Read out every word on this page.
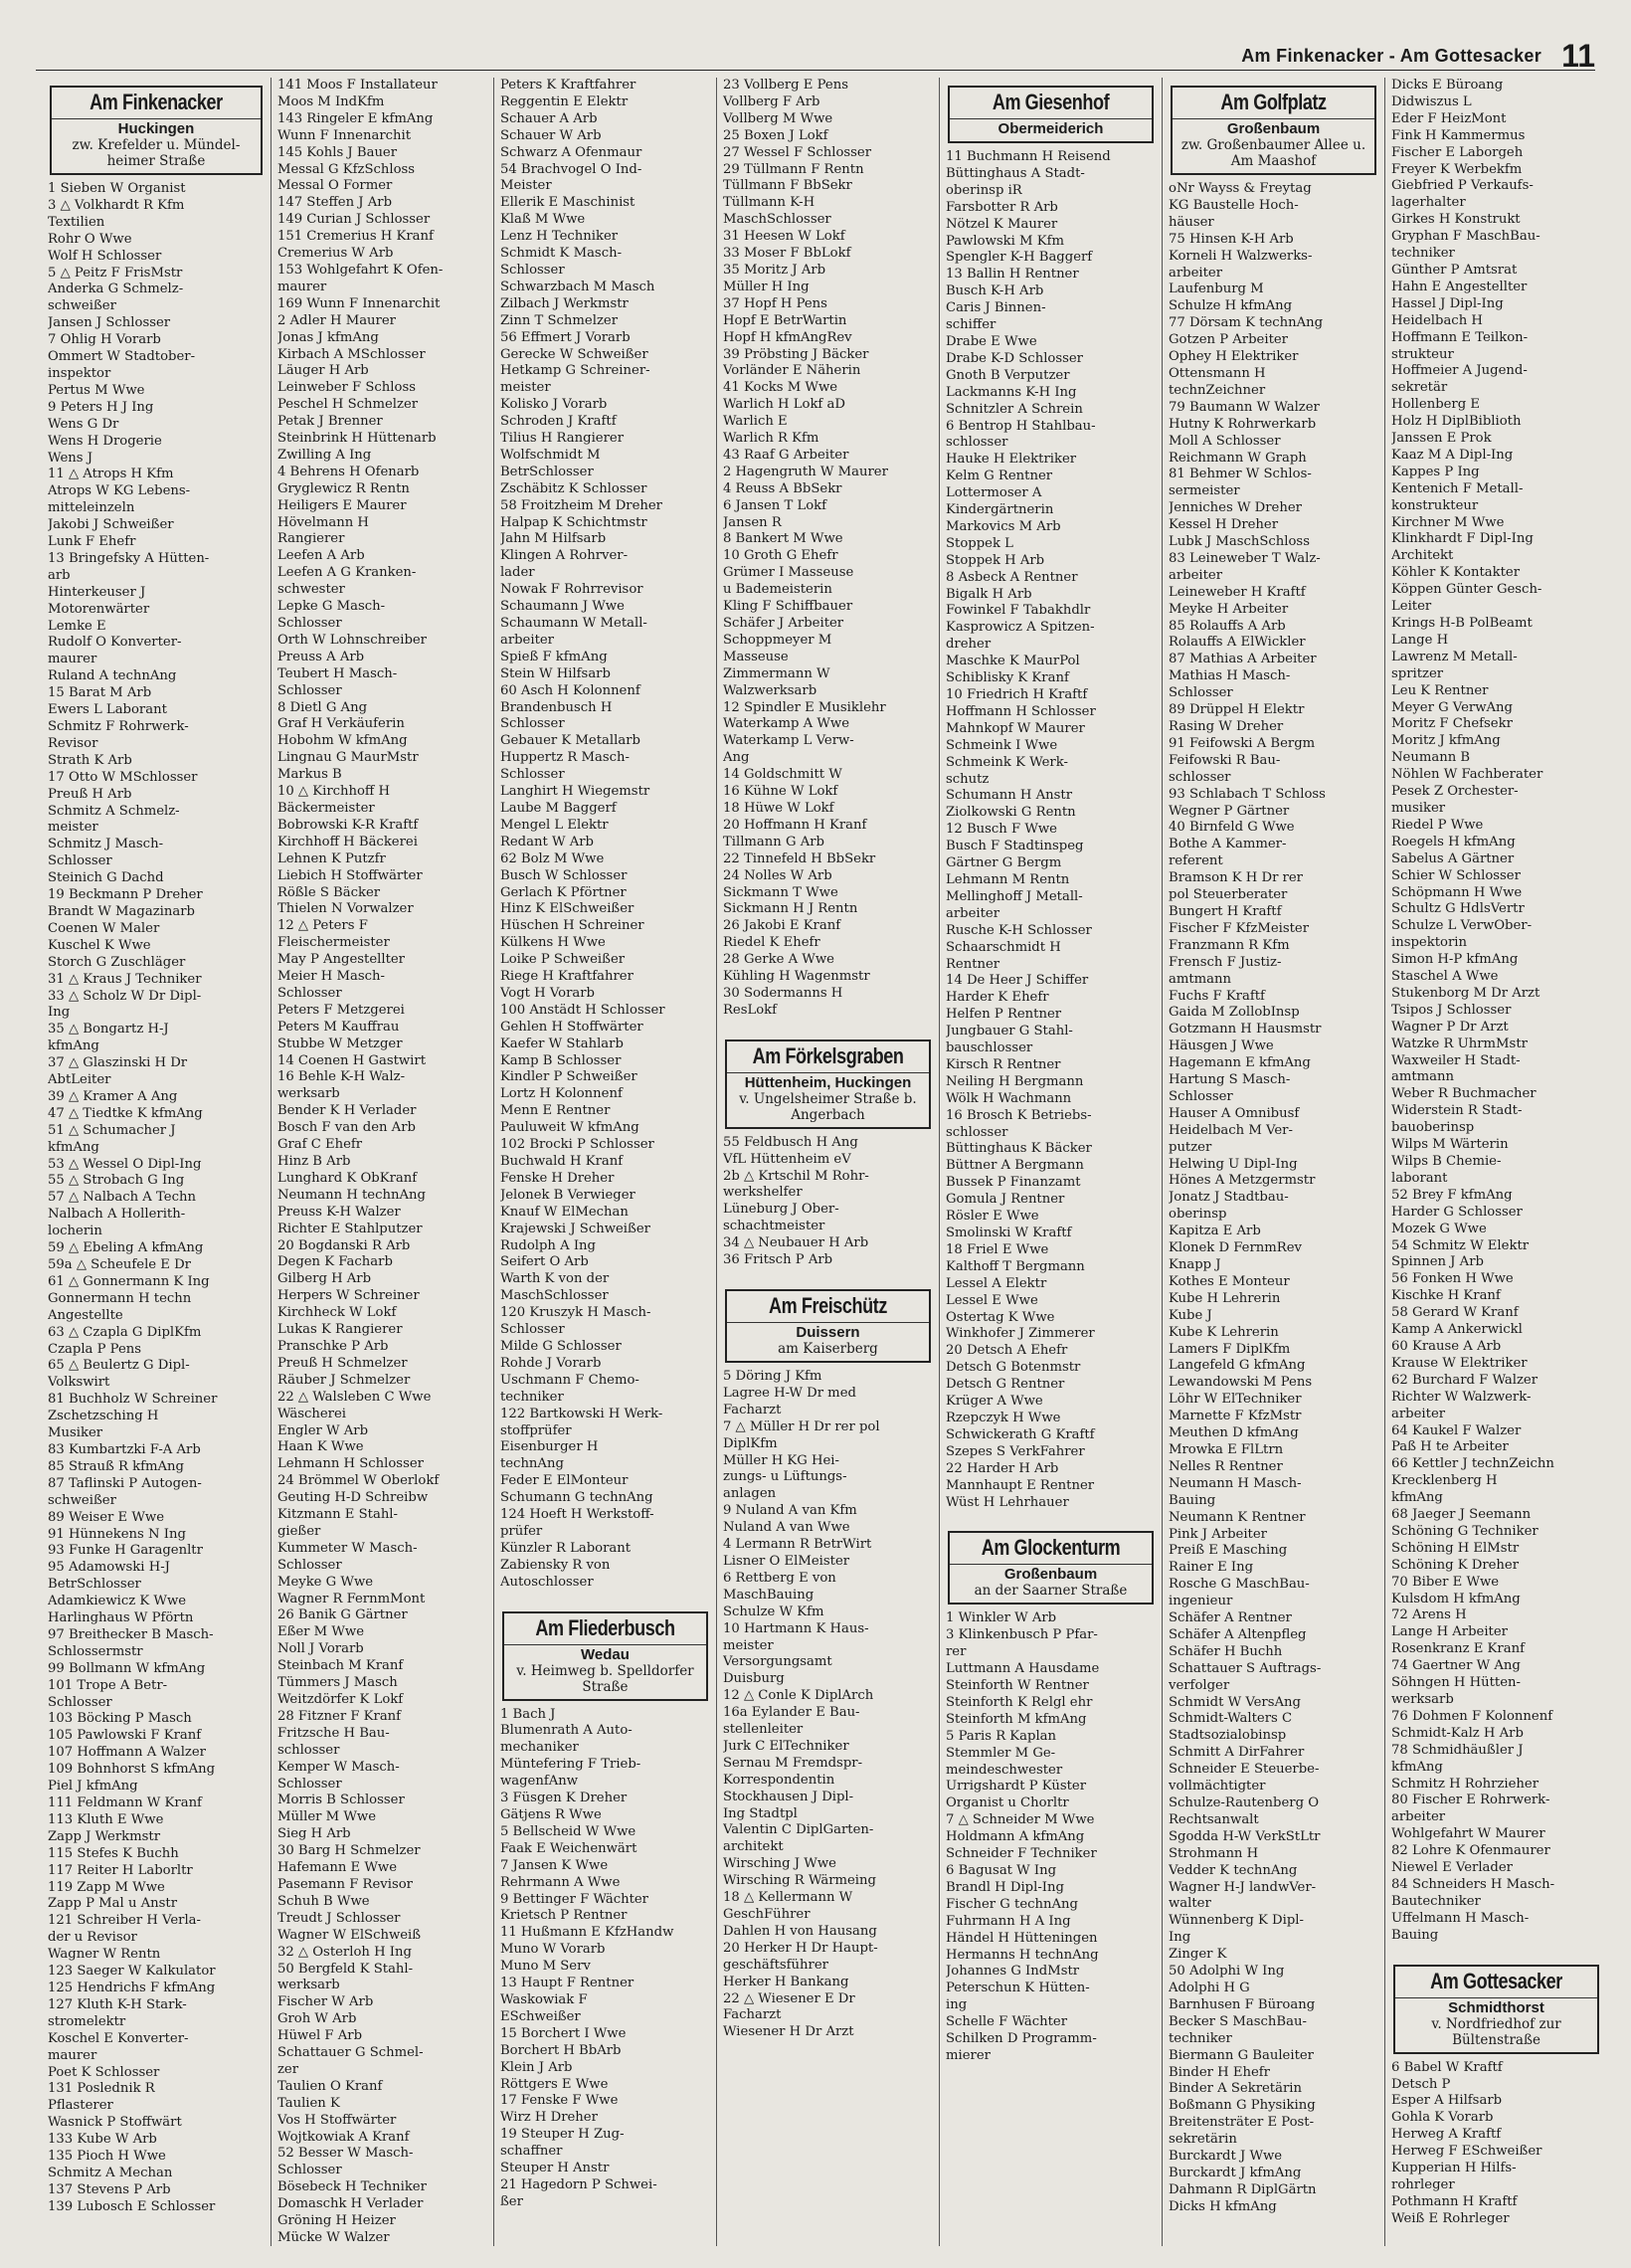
Am Finkenacker - Am Gottesacker 11
Am Finkenacker
Huckingen
zw. Krefelder u. Mündel-
heimer Straße
1 Sieben W Organist
3 △ Volkhardt R Kfm
Textilien
Rohr O Wwe
Wolf H Schlosser
5 △ Peitz F FrisMstr
Anderka G Schmelz-
schweißer
Jansen J Schlosser
7 Ohlig H Vorarb
Ommert W Stadtober-
inspektor
Pertus M Wwe
9 Peters H J Ing
Wens G Dr
Wens H Drogerie
Wens J
11 △ Atrops H Kfm
Atrops W KG Lebens-
mitteleinzeln
Jakobi J Schweißer
Lunk F Ehefr
13 Bringefsky A Hütten-
arb
Hinterkeuser J
Motorenwärter
Lemke E
Rudolf O Konverter-
maurer
Ruland A technAng
15 Barat M Arb
Ewers L Laborant
Schmitz F Rohrwerk-
Revisor
Strath K Arb
17 Otto W MSchlosser
Preuß H Arb
Schmitz A Schmelz-
meister
Schmitz J Masch-
Schlosser
Steinich G Dachd
19 Beckmann P Dreher
Brandt W Magazinarb
Coenen W Maler
Kuschel K Wwe
Storch G Zuschläger
31 △ Kraus J Techniker
33 △ Scholz W Dr Dipl-
Ing
35 △ Bongartz H-J
kfmAng
37 △ Glaszinski H Dr
AbtLeiter
39 △ Kramer A Ang
47 △ Tiedtke K kfmAng
51 △ Schumacher J
kfmAng
53 △ Wessel O Dipl-Ing
55 △ Strobach G Ing
57 △ Nalbach A Techn
Nalbach A Hollerith-
locherin
59 △ Ebeling A kfmAng
59a △ Scheufele E Dr
61 △ Gonnermann K Ing
Gonnermann H techn
Angestellte
63 △ Czapla G DiplKfm
Czapla P Pens
65 △ Beulertz G Dipl-
Volkswirt
81 Buchholz W Schreiner
Zschetzsching H
Musiker
83 Kumbartzki F-A Arb
85 Strauß R kfmAng
87 Taflinski P Autogen-
schweißer
89 Weiser E Wwe
91 Hünnekens N Ing
93 Funke H Garagenltr
95 Adamowski H-J
BetrSchlosser
Adamkiewicz K Wwe
Harlinghaus W Pförtn
97 Breithecker B Masch-
Schlossermstr
99 Bollmann W kfmAng
101 Trope A Betr-
Schlosser
103 Böcking P Masch
105 Pawlowski F Kranf
107 Hoffmann A Walzer
109 Bohnhorst S kfmAng
Piel J kfmAng
111 Feldmann W Kranf
113 Kluth E Wwe
Zapp J Werkmstr
115 Stefes K Buchh
117 Reiter H Laborltr
119 Zapp M Wwe
Zapp P Mal u Anstr
121 Schreiber H Verla-
der u Revisor
Wagner W Rentn
123 Saeger W Kalkulator
125 Hendrichs F kfmAng
127 Kluth K-H Stark-
stromelektr
Koschel E Konverter-
maurer
Poet K Schlosser
131 Poslednik R
Pflasterer
Wasnick P Stoffwärt
133 Kube W Arb
135 Pioch H Wwe
Schmitz A Mechan
137 Stevens P Arb
139 Lubosch E Schlosser
141 Moos F Installateur
Moos M IndKfm
143 Ringeler E kfmAng
Wunn F Innenarchit
145 Kohls J Bauer
Messal G KfzSchloss
Messal O Former
147 Steffen J Arb
149 Curian J Schlosser
151 Cremerius H Kranf
Cremerius W Arb
153 Wohlgefahrt K Ofen-
maurer
169 Wunn F Innenarchit
2 Adler H Maurer
Jonas J kfmAng
Kirbach A MSchlosser
Läuger H Arb
Leinweber F Schloss
Peschel H Schmelzer
Petak J Brenner
Steinbrink H Hüttenarb
Zwilling A Ing
4 Behrens H Ofenarb
Gryglewicz R Rentn
Heiligers E Maurer
Hövelmann H
Rangierer
Leefen A Arb
Leefen A G Kranken-
schwester
Lepke G Masch-
Schlosser
Orth W Lohnschreiber
Preuss A Arb
Teubert H Masch-
Schlosser
8 Dietl G Ang
Graf H Verkäuferin
Hobohm W kfmAng
Lingnau G MaurMstr
Markus B
10 △ Kirchhoff H
Bäckermeister
Bobrowski K-R Kraftf
Kirchhoff H Bäckerei
Lehnen K Putzfr
Liebich H Stoffwärter
Rößle S Bäcker
Thielen N Vorwalzer
12 △ Peters F
Fleischermeister
May P Angestellter
Meier H Masch-
Schlosser
Peters F Metzgerei
Peters M Kauffrau
Stubbe W Metzger
14 Coenen H Gastwirt
16 Behle K-H Walz-
werksarb
Bender K H Verlader
Bosch F van den Arb
Graf C Ehefr
Hinz B Arb
Lunghard K ObKranf
Neumann H technAng
Preuss K-H Walzer
Richter E Stahlputzer
20 Bogdanski R Arb
Degen K Facharb
Gilberg H Arb
Herpers W Schreiner
Kirchheck W Lokf
Lukas K Rangierer
Pranschke P Arb
Preuß H Schmelzer
Räuber J Schmelzer
22 △ Walsleben C Wwe
Wäscherei
Engler W Arb
Haan K Wwe
Lehmann H Schlosser
24 Brömmel W Oberlokf
Geuting H-D Schreibw
Kitzmann E Stahl-
gießer
Kummeter W Masch-
Schlosser
Meyke G Wwe
Wagner R FernmMont
26 Banik G Gärtner
Eßer M Wwe
Noll J Vorarb
Steinbach M Kranf
Tümmers J Masch
Weitzdörfer K Lokf
28 Fitzner F Kranf
Fritzsche H Bau-
schlosser
Kemper W Masch-
Schlosser
Morris B Schlosser
Müller M Wwe
Sieg H Arb
30 Barg H Schmelzer
Hafemann E Wwe
Pasemann F Revisor
Schuh B Wwe
Treudt J Schlosser
Wagner W ElSchweiß
32 △ Osterloh H Ing
50 Bergfeld K Stahl-
werksarb
Fischer W Arb
Groh W Arb
Hüwel F Arb
Schattauer G Schmel-
zer
Taulien O Kranf
Taulien K
Vos H Stoffwärter
Wojtkowiak A Kranf
52 Besser W Masch-
Schlosser
Bösebeck H Techniker
Domaschk H Verlader
Gröning H Heizer
Mücke W Walzer
Peters K Kraftfahrer
Reggentin E Elektr
Schauer A Arb
Schauer W Arb
Schwarz A Ofenmaur
54 Brachvogel O Ind-
Meister
Ellerik E Maschinist
Klaß M Wwe
Lenz H Techniker
Schmidt K Masch-
Schlosser
Schwarzbach M Masch
Zilbach J Werkmstr
Zinn T Schmelzer
56 Effmert J Vorarb
Gerecke W Schweißer
Hetkamp G Schreiner-
meister
Kolisko J Vorarb
Schroden J Kraftf
Tilius H Rangierer
Wolfschmidt M
BetrSchlosser
Zschäbitz K Schlosser
58 Froitzheim M Dreher
Halpap K Schichtmstr
Jahn M Hilfsarb
Klingen A Rohrver-
lader
Nowak F Rohrrevisor
Schaumann J Wwe
Schaumann W Metall-
arbeiter
Spieß F kfmAng
Stein W Hilfsarb
60 Asch H Kolonnenf
Brandenbusch H
Schlosser
Gebauer K Metallarb
Huppertz R Masch-
Schlosser
Langhirt H Wiegemstr
Laube M Baggerf
Mengel L Elektr
Redant W Arb
62 Bolz M Wwe
Busch W Schlosser
Gerlach K Pförtner
Hinz K ElSchweißer
Hüschen H Schreiner
Külkens H Wwe
Loike P Schweißer
Riege H Kraftfahrer
Vogt H Vorarb
100 Anstädt H Schlosser
Gehlen H Stoffwärter
Kaefer W Stahlarb
Kamp B Schlosser
Kindler P Schweißer
Lortz H Kolonnenf
Menn E Rentner
Pauluweit W kfmAng
102 Brocki P Schlosser
Buchwald H Kranf
Fenske H Dreher
Jelonek B Verwieger
Knauf W ElMechan
Krajewski J Schweißer
Rudolph A Ing
Seifert O Arb
Warth K von der
MaschSchlosser
120 Kruszyk H Masch-
Schlosser
Milde G Schlosser
Rohde J Vorarb
Uschmann F Chemo-
techniker
122 Bartkowski H Werk-
stoffprüfer
Eisenburger H
technAng
Feder E ElMonteur
Schumann G technAng
124 Hoeft H Werkstoff-
prüfer
Künzler R Laborant
Zabiensky R von
Autoschlosser
Am Fliederbusch
Wedau
v. Heimweg b. Spelldorfer
Straße
1 Bach J
Blumenrath A Auto-
mechaniker
Müntefering F Trieb-
wagenfAnw
3 Füsgen K Dreher
Gätjens R Wwe
5 Bellscheid W Wwe
Faak E Weichenwärt
7 Jansen K Wwe
Rehrmann A Wwe
9 Bettinger F Wächter
Krietsch P Rentner
11 Hußmann E KfzHandw
Muno W Vorarb
Muno M Serv
13 Haupt F Rentner
Waskowiak F
ESchweißer
15 Borchert I Wwe
Borchert H BbArb
Klein J Arb
Röttgers E Wwe
17 Fenske F Wwe
Wirz H Dreher
19 Steuper H Zug-
schaffner
Steuper H Anstr
21 Hagedorn P Schwei-
ßer
23 Vollberg E Pens
Vollberg F Arb
Vollberg M Wwe
25 Boxen J Lokf
27 Wessel F Schlosser
29 Tüllmann F Rentn
Tüllmann F BbSekr
Tüllmann K-H
MaschSchlosser
31 Heesen W Lokf
33 Moser F BbLokf
35 Moritz J Arb
Müller H Ing
37 Hopf H Pens
Hopf E BetrWartin
Hopf H kfmAngRev
39 Pröbsting J Bäcker
Vorländer E Näherin
41 Kocks M Wwe
Warlich H Lokf aD
Warlich E
Warlich R Kfm
43 Raaf G Arbeiter
2 Hagengruth W Maurer
4 Reuss A BbSekr
6 Jansen T Lokf
Jansen R
8 Bankert M Wwe
10 Groth G Ehefr
Grümer I Masseuse
u Bademeisterin
Kling F Schiffbauer
Schäfer J Arbeiter
Schoppmeyer M
Masseuse
Zimmermann W
Walzwerksarb
12 Spindler E Musiklehr
Waterkamp A Wwe
Waterkamp L Verw-
Ang
14 Goldschmitt W
16 Kühne W Lokf
18 Hüwe W Lokf
20 Hoffmann H Kranf
Tillmann G Arb
22 Tinnefeld H BbSekr
24 Nolles W Arb
Sickmann T Wwe
Sickmann H J Rentn
26 Jakobi E Kranf
Riedel K Ehefr
28 Gerke A Wwe
Kühling H Wagenmstr
30 Sodermanns H
ResLokf
Am Förkelsgraben
Hüttenheim, Huckingen
v. Ungelsheimer Straße b.
Angerbach
55 Feldbusch H Ang
VfL Hüttenheim eV
2b △ Krtschil M Rohr-
werkshelfer
Lüneburg J Ober-
schachtmeister
34 △ Neubauer H Arb
36 Fritsch P Arb
Am Freischütz
Duissern
am Kaiserberg
5 Döring J Kfm
Lagree H-W Dr med
Facharzt
7 △ Müller H Dr rer pol
DiplKfm
Müller H KG Hei-
zungs- u Lüftungs-
anlagen
9 Nuland A van Kfm
Nuland A van Wwe
4 Lermann R BetrWirt
Lisner O ElMeister
6 Rettberg E von
MaschBauing
Schulze W Kfm
10 Hartmann K Haus-
meister
Versorgungsamt
Duisburg
12 △ Conle K DiplArch
16a Eylander E Bau-
stellenleiter
Jurk C ElTechniker
Sernau M Fremdspr-
Korrespondentin
Stockhausen J Dipl-
Ing Stadtpl
Valentin C DiplGarten-
architekt
Wirsching J Wwe
Wirsching R Wärmeing
18 △ Kellermann W
GeschFührer
Dahlen H von Hausang
20 Herker H Dr Haupt-
geschäftsführer
Herker H Bankang
22 △ Wiesener E Dr
Facharzt
Wiesener H Dr Arzt
Am Giesenhof
Obermeiderich
11 Buchmann H Reisend
Büttinghaus A Stadt-
oberinsp iR
Farsbotter R Arb
Nötzel K Maurer
Pawlowski M Kfm
Spengler K-H Baggerf
13 Ballin H Rentner
Busch K-H Arb
Caris J Binnen-
schiffer
Drabe E Wwe
Drabe K-D Schlosser
Gnoth B Verputzer
Lackmanns K-H Ing
Schnitzler A Schrein
6 Bentrop H Stahlbau-
schlosser
Hauke H Elektriker
Kelm G Rentner
Lottermoser A
Kindergärtnerin
Markovics M Arb
Stoppek L
Stoppek H Arb
8 Asbeck A Rentner
Bigalk H Arb
Fowinkel F Tabakhdlr
Kasprowicz A Spitzen-
dreher
Maschke K MaurPol
Schiblisky K Kranf
10 Friedrich H Kraftf
Hoffmann H Schlosser
Mahnkopf W Maurer
Schmeink I Wwe
Schmeink K Werk-
schutz
Schumann H Anstr
Ziolkowski G Rentn
12 Busch F Wwe
Busch F Stadtinspeg
Gärtner G Bergm
Lehmann M Rentn
Mellinghoff J Metall-
arbeiter
Rusche K-H Schlosser
Schaarschmidt H
Rentner
14 De Heer J Schiffer
Harder K Ehefr
Helfen P Rentner
Jungbauer G Stahl-
bauschlosser
Kirsch R Rentner
Neiling H Bergmann
Wölk H Wachmann
16 Brosch K Betriebs-
schlosser
Büttinghaus K Bäcker
Büttner A Bergmann
Bussek P Finanzamt
Gomula J Rentner
Rösler E Wwe
Smolinski W Kraftf
18 Friel E Wwe
Kalthoff T Bergmann
Lessel A Elektr
Lessel E Wwe
Ostertag K Wwe
Winkhofer J Zimmerer
20 Detsch A Ehefr
Detsch G Botenmstr
Detsch G Rentner
Krüger A Wwe
Rzepczyk H Wwe
Schwickerath G Kraftf
Szepes S VerkFahrer
22 Harder H Arb
Mannhaupt E Rentner
Wüst H Lehrhauer
Am Glockenturm
Großenbaum
an der Saarner Straße
1 Winkler W Arb
3 Klinkenbusch P Pfar-
rer
Luttmann A Hausdame
Steinforth W Rentner
Steinforth K Relgl ehr
Steinforth M kfmAng
5 Paris R Kaplan
Stemmler M Ge-
meindeschwester
Urrigshardt P Küster
Organist u Chorltr
7 △ Schneider M Wwe
Holdmann A kfmAng
Schneider F Techniker
6 Bagusat W Ing
Brandl H Dipl-Ing
Fischer G technAng
Fuhrmann H A Ing
Händel H Hütteningen
Hermanns H technAng
Johannes G IndMstr
Peterschun K Hütten-
ing
Schelle F Wächter
Schilken D Programm-
mierer
Am Golfplatz
Großenbaum
zw. Großenbaumer Allee u.
Am Maashof
oNr Wayss & Freytag
KG Baustelle Hoch-
häuser
75 Hinsen K-H Arb
Korneli H Walzwerks-
arbeiter
Laufenburg M
Schulze H kfmAng
77 Dörsam K technAng
Gotzen P Arbeiter
Ophey H Elektriker
Ottensmann H
technZeichner
79 Baumann W Walzer
Hutny K Rohrwerkarb
Moll A Schlosser
Reichmann W Graph
81 Behmer W Schlos-
sermeister
Jenniches W Dreher
Kessel H Dreher
Lubk J MaschSchloss
83 Leineweber T Walz-
arbeiter
Leineweber H Kraftf
Meyke H Arbeiter
85 Rolauffs A Arb
Rolauffs A ElWickler
87 Mathias A Arbeiter
Mathias H Masch-
Schlosser
89 Drüppel H Elektr
Rasing W Dreher
91 Feifowski A Bergm
Feifowski R Bau-
schlosser
93 Schlabach T Schloss
Wegner P Gärtner
40 Birnfeld G Wwe
Bothe A Kammer-
referent
Bramson K H Dr rer
pol Steuerberater
Bungert H Kraftf
Fischer F KfzMeister
Franzmann R Kfm
Frensch F Justiz-
amtmann
Fuchs F Kraftf
Gaida M ZollobInsp
Gotzmann H Hausmstr
Häusgen J Wwe
Hagemann E kfmAng
Hartung S Masch-
Schlosser
Hauser A Omnibusf
Heidelbach M Ver-
putzer
Helwing U Dipl-Ing
Hönes A Metzgermstr
Jonatz J Stadtbau-
oberinsp
Kapitza E Arb
Klonek D FernmRev
Knapp J
Kothes E Monteur
Kube H Lehrerin
Kube J
Kube K Lehrerin
Lamers F DiplKfm
Langefeld G kfmAng
Lewandowski M Pens
Löhr W ElTechniker
Marnette F KfzMstr
Meuthen D kfmAng
Mrowka E FlLtrn
Nelles R Rentner
Neumann H Masch-
Bauing
Neumann K Rentner
Pink J Arbeiter
Preiß E Masching
Rainer E Ing
Rosche G MaschBau-
ingenieur
Schäfer A Rentner
Schäfer A Altenpfleg
Schäfer H Buchh
Schattauer S Auftrags-
verfolger
Schmidt W VersAng
Schmidt-Walters C
Stadtsozialobinsp
Schmitt A DirFahrer
Schneider E Steuerbe-
vollmächtigter
Schulze-Rautenberg O
Rechtsanwalt
Sgodda H-W VerkStLtr
Strohmann H
Vedder K technAng
Wagner H-J landwVer-
walter
Wünnenberg K Dipl-
Ing
Zinger K
50 Adolphi W Ing
Adolphi H G
Barnhusen F Büroang
Becker S MaschBau-
techniker
Biermann G Bauleiter
Binder H Ehefr
Binder A Sekretärin
Boßmann G Physiking
Breitensträter E Post-
sekretärin
Burckardt J Wwe
Burckardt J kfmAng
Dahmann R DiplGärtn
Dicks H kfmAng
Dicks E Büroang
Didwiszus L
Eder F HeizMont
Fink H Kammermus
Fischer E Laborgeh
Freyer K Werbekfm
Giebfried P Verkaufs-
lagerhalter
Girkes H Konstrukt
Gryphan F MaschBau-
techniker
Günther P Amtsrat
Hahn E Angestellter
Hassel J Dipl-Ing
Heidelbach H
Hoffmann E Teilkon-
strukteur
Hoffmeier A Jugend-
sekretär
Hollenberg E
Holz H DiplBiblioth
Janssen E Prok
Kaaz M A Dipl-Ing
Kappes P Ing
Kentenich F Metall-
konstrukteur
Kirchner M Wwe
Klinkhardt F Dipl-Ing
Architekt
Köhler K Kontakter
Köppen Günter Gesch-
Leiter
Krings H-B PolBeamt
Lange H
Lawrenz M Metall-
spritzer
Leu K Rentner
Meyer G VerwAng
Moritz F Chefsekr
Moritz J kfmAng
Neumann B
Nöhlen W Fachberater
Pesek Z Orchester-
musiker
Riedel P Wwe
Roegels H kfmAng
Sabelus A Gärtner
Schier W Schlosser
Schöpmann H Wwe
Schultz G HdlsVertr
Schulze L VerwOber-
inspektorin
Simon H-P kfmAng
Staschel A Wwe
Stukenborg M Dr Arzt
Tsipos J Schlosser
Wagner P Dr Arzt
Watzke R UhrmMstr
Waxweiler H Stadt-
amtmann
Weber R Buchmacher
Widerstein R Stadt-
bauoberinsp
Wilps M Wärterin
Wilps B Chemie-
laborant
52 Brey F kfmAng
Harder G Schlosser
Mozek G Wwe
54 Schmitz W Elektr
Spinnen J Arb
56 Fonken H Wwe
Kischke H Kranf
58 Gerard W Kranf
Kamp A Ankerwickl
60 Krause A Arb
Krause W Elektriker
62 Burchard F Walzer
Richter W Walzwerk-
arbeiter
64 Kaukel F Walzer
Paß H te Arbeiter
66 Kettler J technZeichn
Krecklenberg H
kfmAng
68 Jaeger J Seemann
Schöning G Techniker
Schöning H ElMstr
Schöning K Dreher
70 Biber E Wwe
Kulsdom H kfmAng
72 Arens H
Lange H Arbeiter
Rosenkranz E Kranf
74 Gaertner W Ang
Söhngen H Hütten-
werksarb
76 Dohmen F Kolonnenf
Schmidt-Kalz H Arb
78 Schmidhäußler J
kfmAng
Schmitz H Rohrzieher
80 Fischer E Rohrwerk-
arbeiter
Wohlgefahrt W Maurer
82 Lohre K Ofenmaurer
Niewel E Verlader
84 Schneiders H Masch-
Bautechniker
Uffelmann H Masch-
Bauing
Am Gottesacker
Schmidthorst
v. Nordfriedhof zur
Bültenstraße
6 Babel W Kraftf
Detsch P
Esper A Hilfsarb
Gohla K Vorarb
Herweg A Kraftf
Herweg F ESchweißer
Kupperian H Hilfs-
rohrleger
Pothmann H Kraftf
Weiß E Rohrleger
